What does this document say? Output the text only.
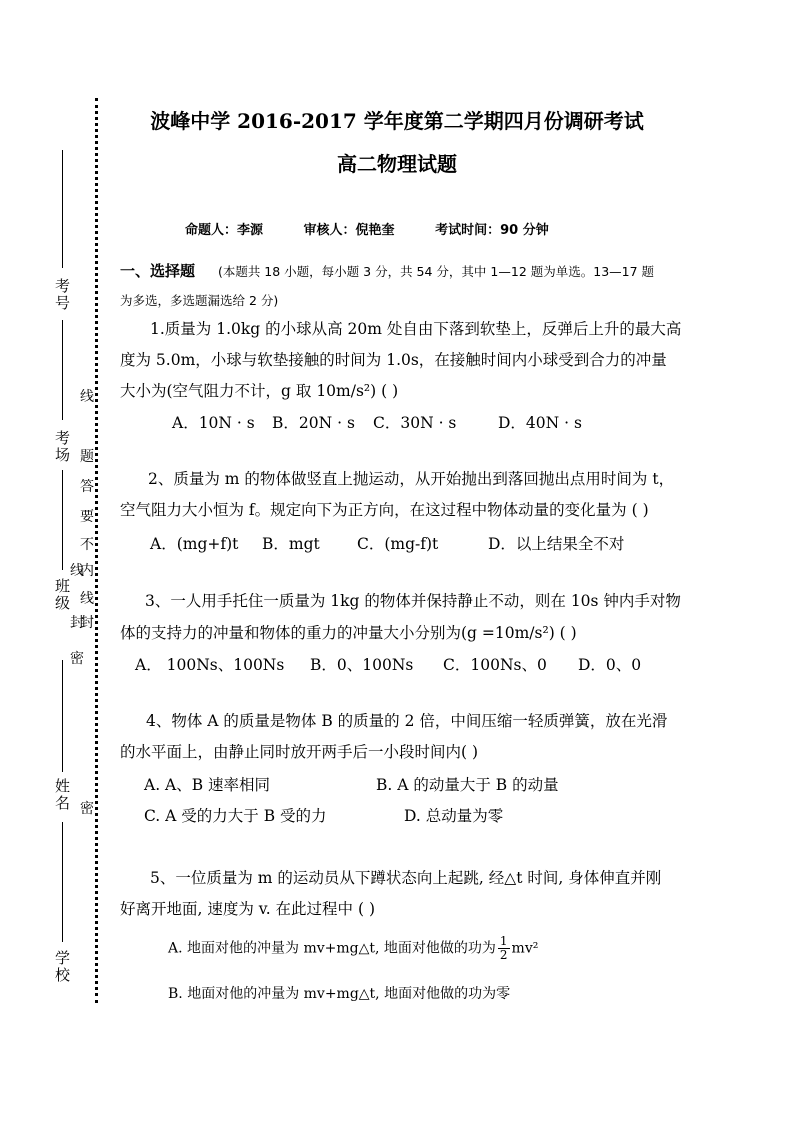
考号
考场
班级
姓名
学校
线
题
答
要
不
内
线
封
密
线
封
密
波峰中学 2016-2017 学年度第二学期四月份调研考试
高二物理试题
命题人：李源	审核人：倪艳奎	考试时间：90 分钟
一、选择题 (本题共 18 小题，每小题 3 分，共 54 分，其中 1—12 题为单选。13—17 题
为多选，多选题漏选给 2 分)
1.质量为 1.0kg 的小球从高 20m 处自由下落到软垫上，反弹后上升的最大高
度为 5.0m，小球与软垫接触的时间为 1.0s，在接触时间内小球受到合力的冲量
大小为(空气阻力不计，g 取 10m/s²) ( )
A．10N · s B．20N · s C．30N · s	D．40N · s
2、质量为 m 的物体做竖直上抛运动，从开始抛出到落回抛出点用时间为 t，
空气阻力大小恒为 f。规定向下为正方向，在这过程中物体动量的变化量为 ( )
A．(mg+f)t B．mgt C．(mg-f)t	D．以上结果全不对
3、一人用手托住一质量为 1kg 的物体并保持静止不动，则在 10s 钟内手对物
体的支持力的冲量和物体的重力的冲量大小分别为(g =10m/s²) ( )
A． 100Ns、100Ns B．0、100Ns C．100Ns、0 D．0、0
4、物体 A 的质量是物体 B 的质量的 2 倍，中间压缩一轻质弹簧，放在光滑
的水平面上，由静止同时放开两手后一小段时间内( )
A. A、B 速率相同	B. A 的动量大于 B 的动量
C. A 受的力大于 B 受的力	D. 总动量为零
5、一位质量为 m 的运动员从下蹲状态向上起跳, 经△t 时间, 身体伸直并刚
好离开地面, 速度为 v. 在此过程中 ( )
A. 地面对他的冲量为 mv+mg△t, 地面对他做的功为 $\frac{1}{2} mv^2$
B. 地面对他的冲量为 mv+mg△t, 地面对他做的功为零
